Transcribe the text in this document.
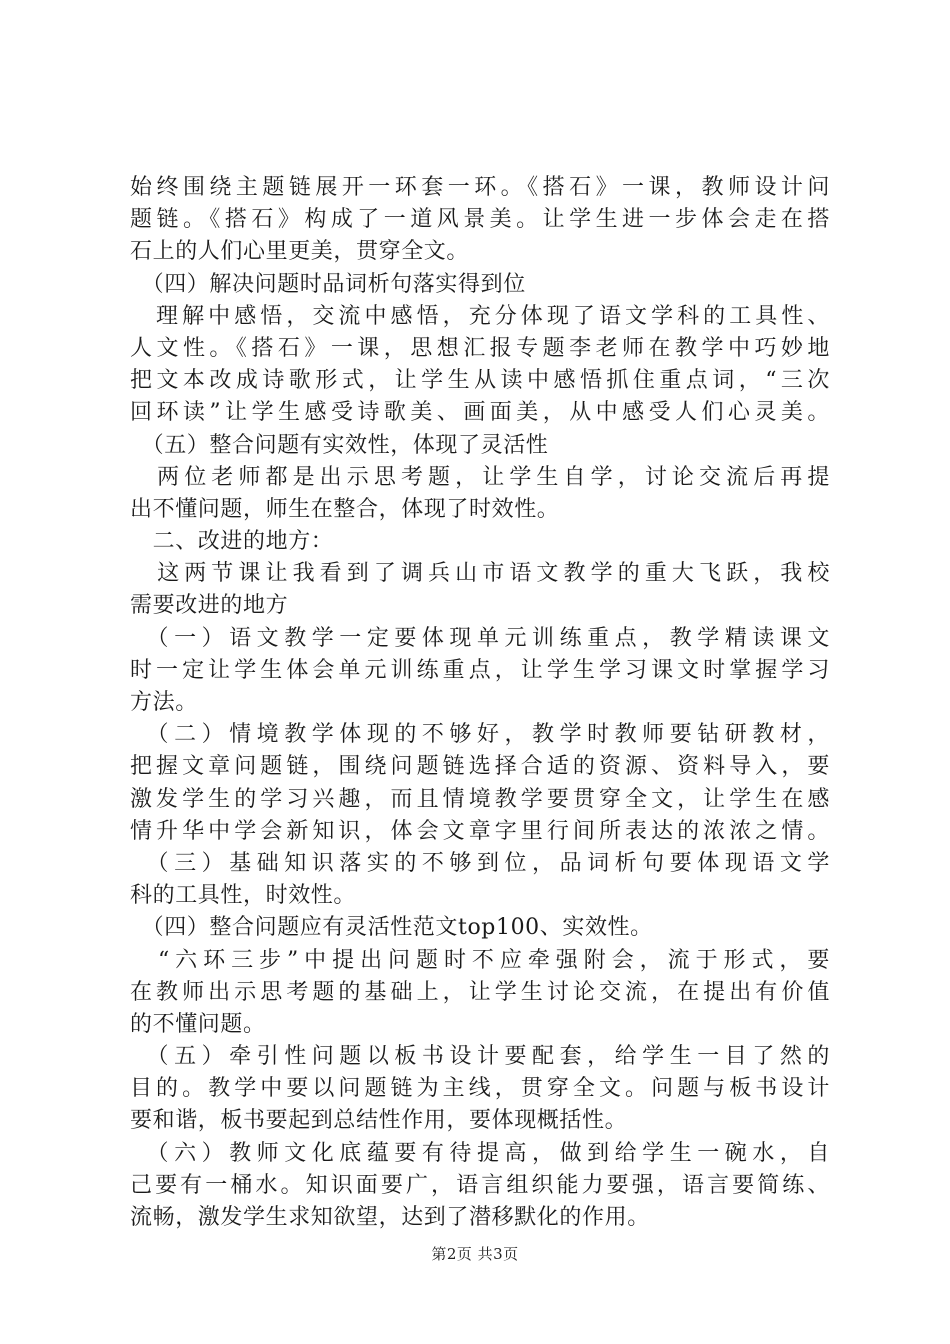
始终围绕主题链展开一环套一环。《搭石》一课，教师设计问
题链。《搭石》构成了一道风景美。让学生进一步体会走在搭
石上的人们心里更美，贯穿全文。
　（四）解决问题时品词析句落实得到位
　理解中感悟，交流中感悟，充分体现了语文学科的工具性、
人文性。《搭石》一课，思想汇报专题李老师在教学中巧妙地
把文本改成诗歌形式，让学生从读中感悟抓住重点词，“三次
回环读”让学生感受诗歌美、画面美，从中感受人们心灵美。
　（五）整合问题有实效性，体现了灵活性
　两位老师都是出示思考题，让学生自学，讨论交流后再提
出不懂问题，师生在整合，体现了时效性。
　二、改进的地方：
　这两节课让我看到了调兵山市语文教学的重大飞跃，我校
需要改进的地方
　（一）语文教学一定要体现单元训练重点，教学精读课文
时一定让学生体会单元训练重点，让学生学习课文时掌握学习
方法。
　（二）情境教学体现的不够好，教学时教师要钻研教材，
把握文章问题链，围绕问题链选择合适的资源、资料导入，要
激发学生的学习兴趣，而且情境教学要贯穿全文，让学生在感
情升华中学会新知识，体会文章字里行间所表达的浓浓之情。
　（三）基础知识落实的不够到位，品词析句要体现语文学
科的工具性，时效性。
　（四）整合问题应有灵活性范文top100、实效性。
　“六环三步”中提出问题时不应牵强附会，流于形式，要
在教师出示思考题的基础上，让学生讨论交流，在提出有价值
的不懂问题。
　（五）牵引性问题以板书设计要配套，给学生一目了然的
目的。教学中要以问题链为主线，贯穿全文。问题与板书设计
要和谐，板书要起到总结性作用，要体现概括性。
　（六）教师文化底蕴要有待提高，做到给学生一碗水，自
己要有一桶水。知识面要广，语言组织能力要强，语言要简练、
流畅，激发学生求知欲望，达到了潜移默化的作用。
第2页 共3页
